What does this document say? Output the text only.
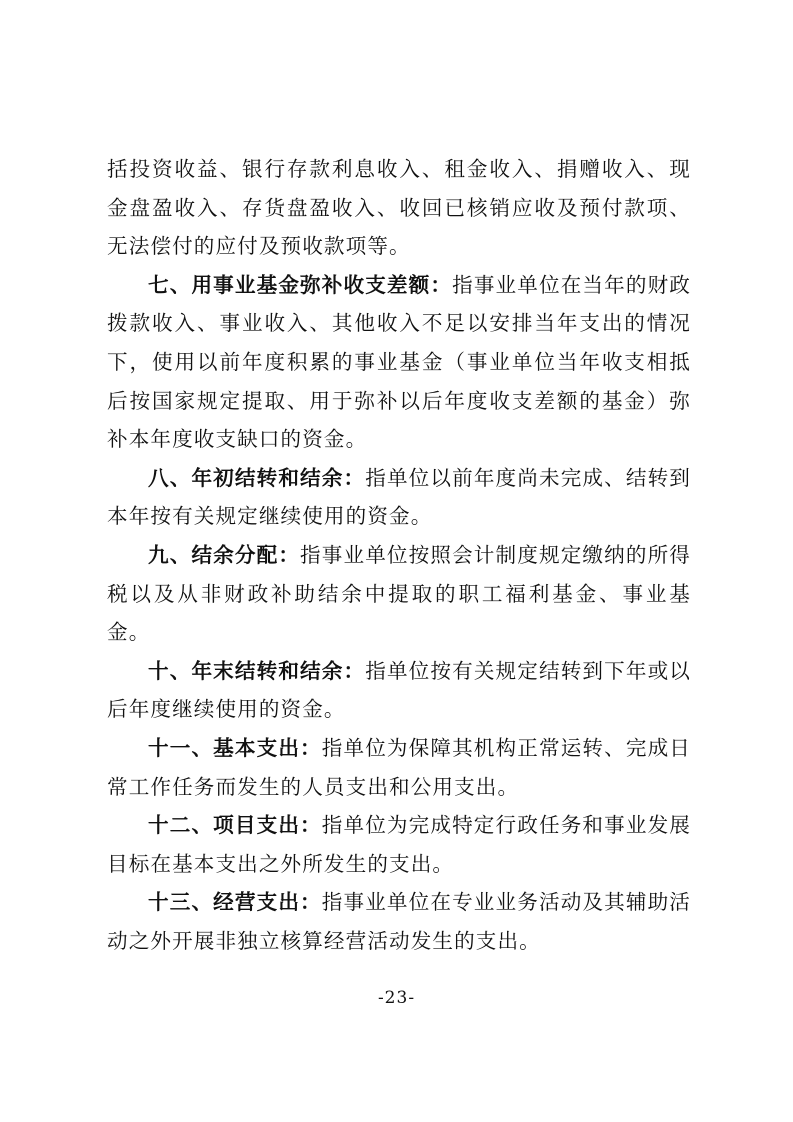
括投资收益、银行存款利息收入、租金收入、捐赠收入、现金盘盈收入、存货盘盈收入、收回已核销应收及预付款项、无法偿付的应付及预收款项等。

七、用事业基金弥补收支差额：指事业单位在当年的财政拨款收入、事业收入、其他收入不足以安排当年支出的情况下，使用以前年度积累的事业基金（事业单位当年收支相抵后按国家规定提取、用于弥补以后年度收支差额的基金）弥补本年度收支缺口的资金。

八、年初结转和结余：指单位以前年度尚未完成、结转到本年按有关规定继续使用的资金。

九、结余分配：指事业单位按照会计制度规定缴纳的所得税以及从非财政补助结余中提取的职工福利基金、事业基金。

十、年末结转和结余：指单位按有关规定结转到下年或以后年度继续使用的资金。

十一、基本支出：指单位为保障其机构正常运转、完成日常工作任务而发生的人员支出和公用支出。

十二、项目支出：指单位为完成特定行政任务和事业发展目标在基本支出之外所发生的支出。

十三、经营支出：指事业单位在专业业务活动及其辅助活动之外开展非独立核算经营活动发生的支出。

-23-
